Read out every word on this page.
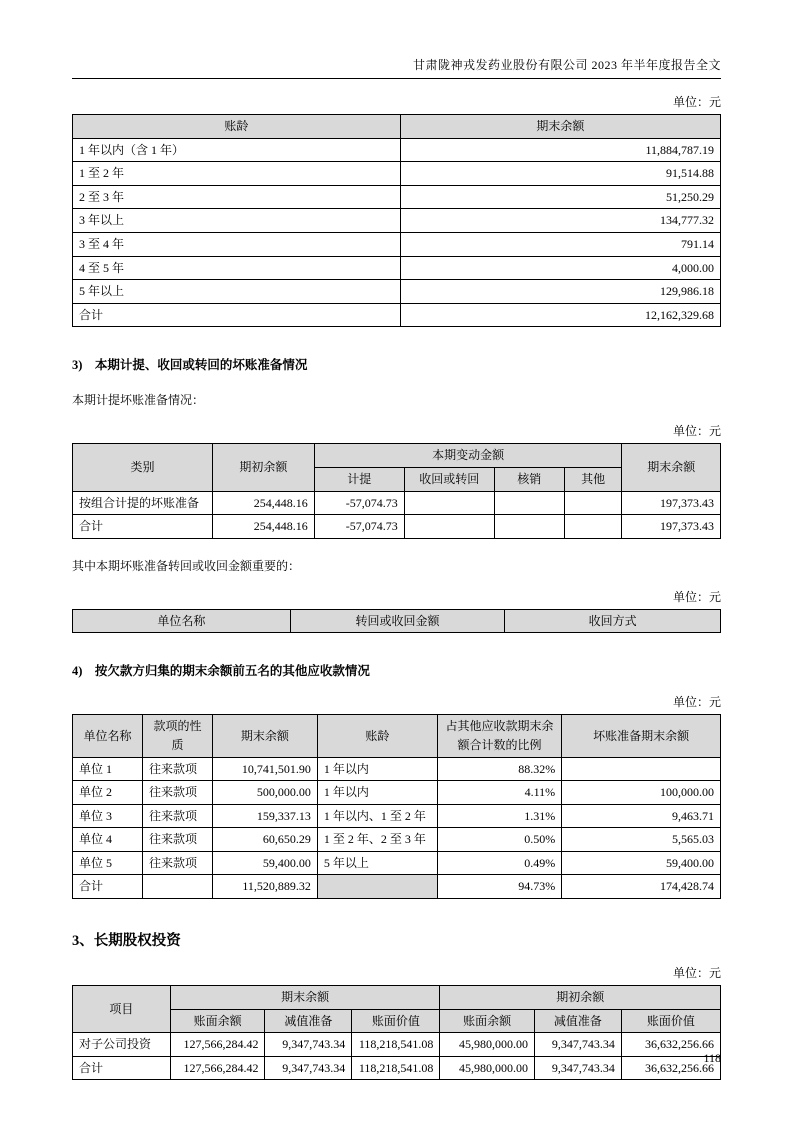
甘肃陇神戎发药业股份有限公司 2023 年半年度报告全文
单位：元
账龄	期末余额
1 年以内（含 1 年）	11,884,787.19
1 至 2 年	91,514.88
2 至 3 年	51,250.29
3 年以上	134,777.32
3 至 4 年	791.14
4 至 5 年	4,000.00
5 年以上	129,986.18
合计	12,162,329.68
3)　本期计提、收回或转回的坏账准备情况
本期计提坏账准备情况：
单位：元
类别	期初余额	本期变动金额				期末余额
		计提	收回或转回	核销	其他	
按组合计提的坏账准备	254,448.16	-57,074.73				197,373.43
合计	254,448.16	-57,074.73				197,373.43
其中本期坏账准备转回或收回金额重要的：
单位：元
单位名称	转回或收回金额	收回方式
4)　按欠款方归集的期末余额前五名的其他应收款情况
单位：元
单位名称	款项的性质	期末余额	账龄	占其他应收款期末余额合计数的比例	坏账准备期末余额
单位 1	往来款项	10,741,501.90	1 年以内	88.32%	
单位 2	往来款项	500,000.00	1 年以内	4.11%	100,000.00
单位 3	往来款项	159,337.13	1 年以内、1 至 2 年	1.31%	9,463.71
单位 4	往来款项	60,650.29	1 至 2 年、2 至 3 年	0.50%	5,565.03
单位 5	往来款项	59,400.00	5 年以上	0.49%	59,400.00
合计		11,520,889.32		94.73%	174,428.74
3、长期股权投资
单位：元
项目	期末余额			期初余额		
	账面余额	减值准备	账面价值	账面余额	减值准备	账面价值
对子公司投资	127,566,284.42	9,347,743.34	118,218,541.08	45,980,000.00	9,347,743.34	36,632,256.66
合计	127,566,284.42	9,347,743.34	118,218,541.08	45,980,000.00	9,347,743.34	36,632,256.66
118
